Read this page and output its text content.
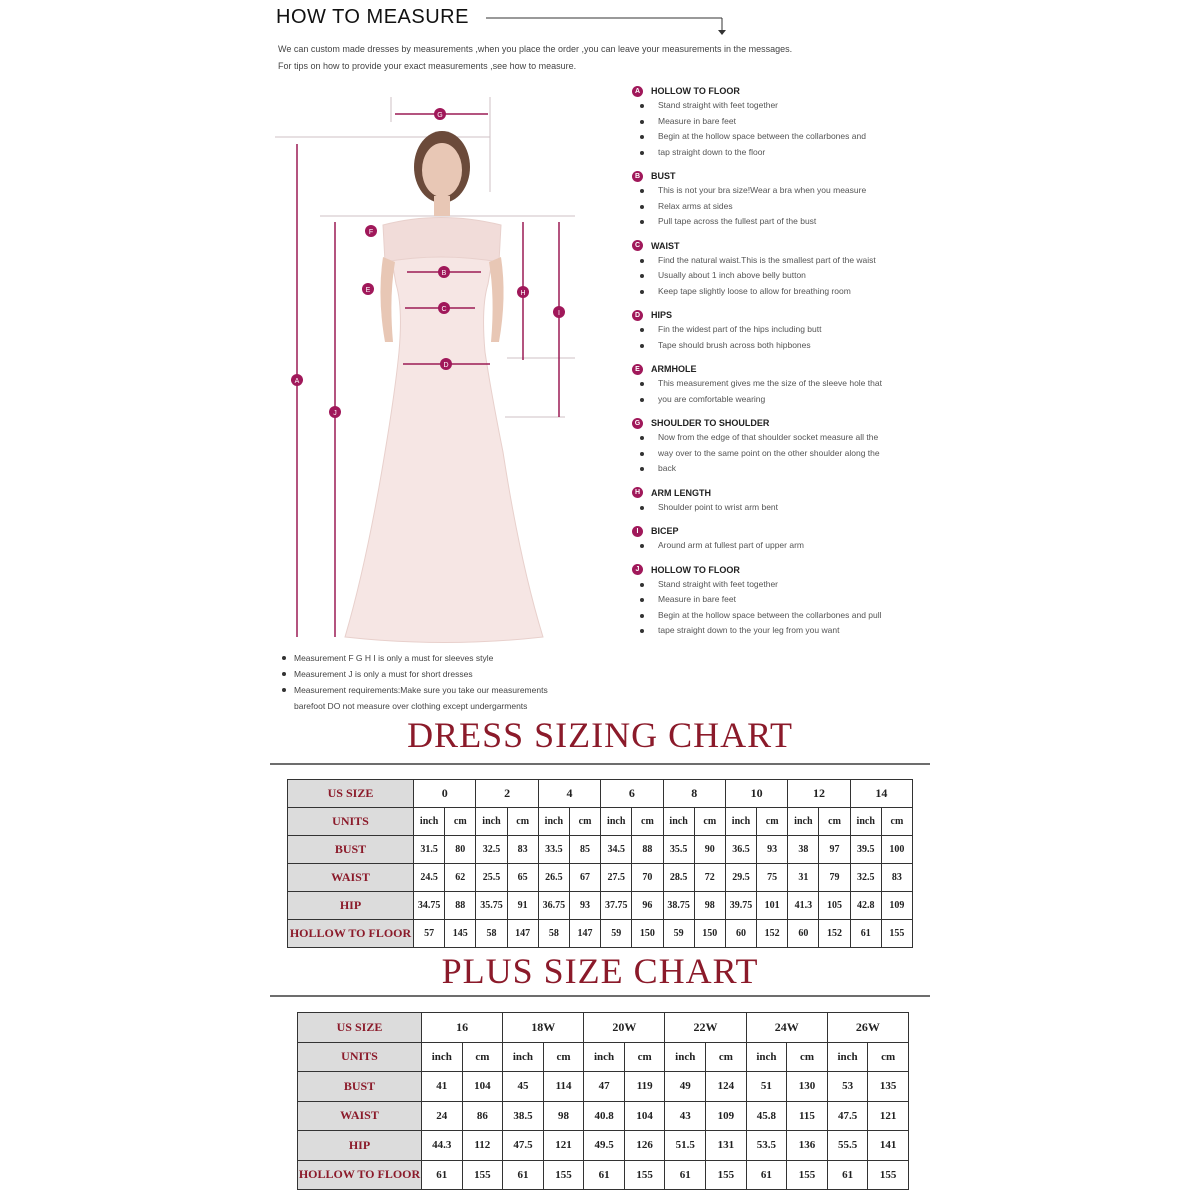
HOW TO MEASURE
We can custom made dresses by measurements ,when you place the order ,you can leave your measurements in the messages.
For tips on how to provide your exact measurements ,see how to measure.
G
F
B
C
E
D
A
J
H
I
A	HOLLOW TO FLOOR
Stand straight with feet together
Measure in bare feet
Begin at the hollow space between the collarbones and
tap straight down to the floor
B	BUST
This is not your bra size!Wear a bra when you measure
Relax arms at sides
Pull tape across the fullest part of the bust
C	WAIST
Find the natural waist.This is the smallest part of the waist
Usually about 1 inch above belly button
Keep tape slightly loose to allow for breathing room
D	HIPS
Fin the widest part of the hips including butt
Tape should brush across both hipbones
E	ARMHOLE
This measurement gives me the size of the sleeve hole that
you are comfortable wearing
G	SHOULDER TO SHOULDER
Now from the edge of that shoulder socket measure all the
way over to the same point on the other shoulder along the
back
H	ARM LENGTH
Shoulder point to wrist arm bent
I	BICEP
Around arm at fullest part of upper arm
J	HOLLOW TO FLOOR
Stand straight with feet together
Measure in bare feet
Begin at the hollow space between the collarbones and pull
tape straight down to the your leg from you want
Measurement F G H I is only a must for sleeves style
Measurement J is only a must for short dresses
Measurement requirements:Make sure you take our measurements
barefoot DO not measure over clothing except undergarments
DRESS SIZING CHART
US SIZE	0		2		4		6		8		10		12		14	
UNITS	inch	cm	inch	cm	inch	cm	inch	cm	inch	cm	inch	cm	inch	cm	inch	cm
BUST	31.5	80	32.5	83	33.5	85	34.5	88	35.5	90	36.5	93	38	97	39.5	100
WAIST	24.5	62	25.5	65	26.5	67	27.5	70	28.5	72	29.5	75	31	79	32.5	83
HIP	34.75	88	35.75	91	36.75	93	37.75	96	38.75	98	39.75	101	41.3	105	42.8	109
HOLLOW TO FLOOR	57	145	58	147	58	147	59	150	59	150	60	152	60	152	61	155
PLUS SIZE CHART
US SIZE	16		18W		20W		22W		24W		26W	
UNITS	inch	cm	inch	cm	inch	cm	inch	cm	inch	cm	inch	cm
BUST	41	104	45	114	47	119	49	124	51	130	53	135
WAIST	24	86	38.5	98	40.8	104	43	109	45.8	115	47.5	121
HIP	44.3	112	47.5	121	49.5	126	51.5	131	53.5	136	55.5	141
HOLLOW TO FLOOR	61	155	61	155	61	155	61	155	61	155	61	155
